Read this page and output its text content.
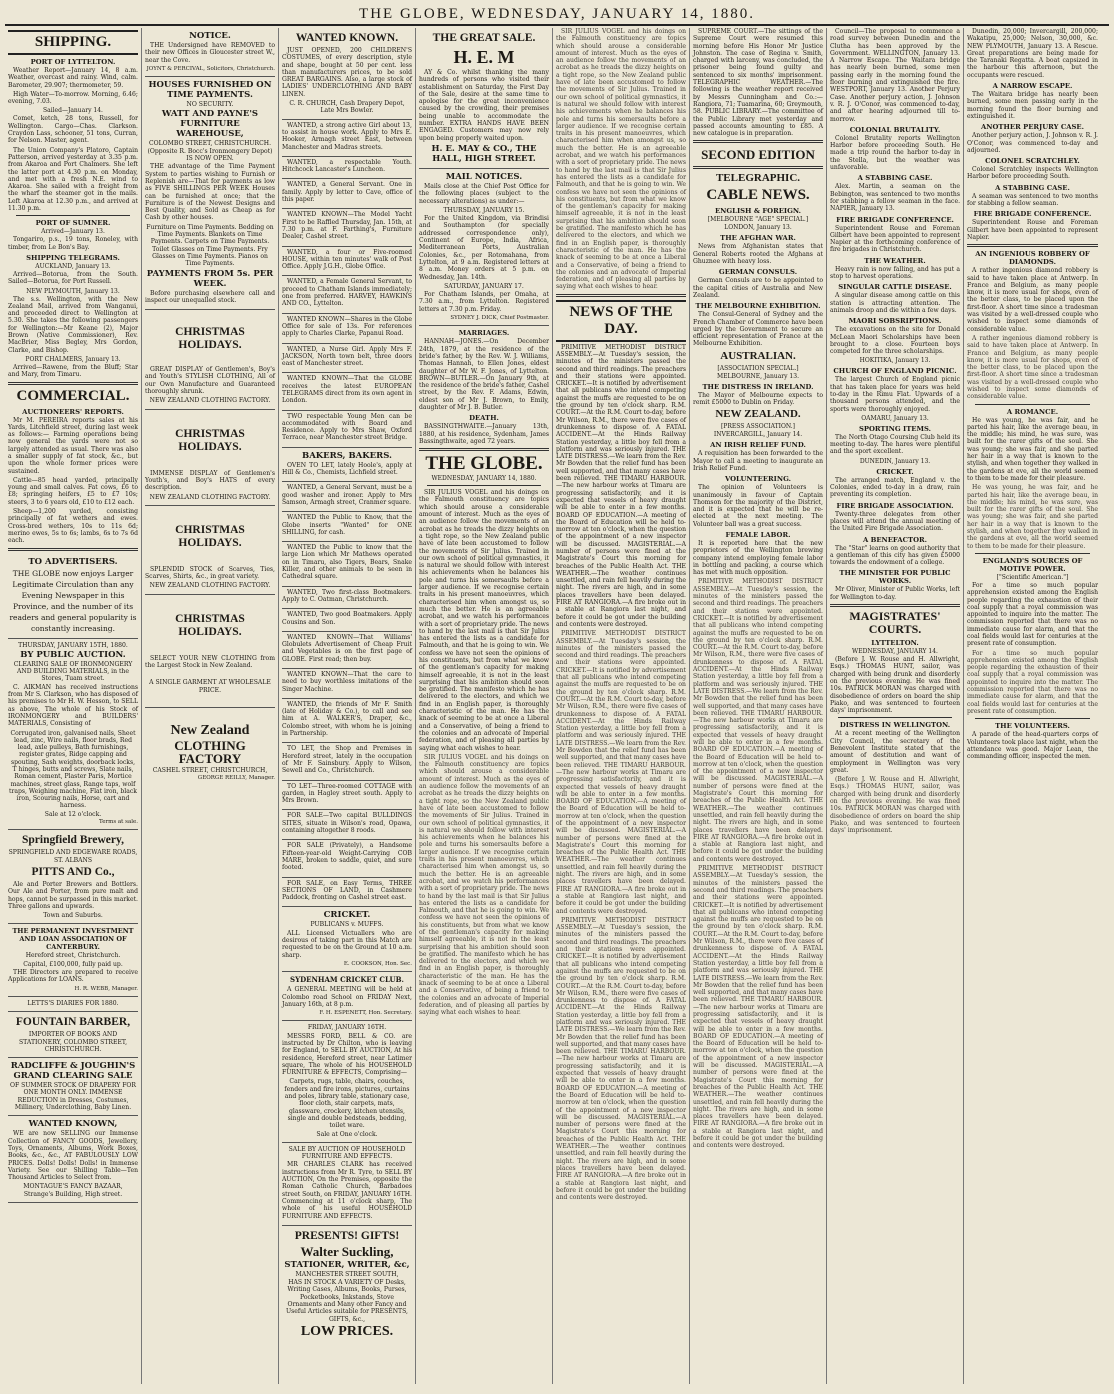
THE GLOBE, WEDNESDAY, JANUARY 14, 1880.
SHIPPING.
PORT OF LYTTELTON.

Weather Report—January 14, 8 a.m. Weather, overcast and rainy. Wind, calm. Barometer, 29.907; thermometer, 59.

High Water—To-morrow. Morning, 6.46; evening, 7.03.

Sailed—January 14.

Comet, ketch, 28 tons, Russell, for Wellington. Cargo—Chas. Clarkson. Craydon Lass, schooner, 51 tons, Curran, for Nelson. Master, agent.

The Union Company's Platoro, Captain Patterson, arrived yesterday at 3.35 p.m. from Akaroa and Port Chalmers. She left the latter port at 4.30 p.m. on Monday, and met with a fresh N.E. wind to Akaroa. She sailed with a freight from the wharf the steamer got in the mails. Left Akaroa at 12.30 p.m., and arrived at 11.30 p.m.

PORT OF SUMNER.
Arrived—January 13.

Tongariro, p.s., 19 tons, Roneley, with timber, from Le Bon's Bay.

SHIPPING TELEGRAMS.
AUCKLAND, January 13.

Arrived—Botorua, from the South. Sailed—Botorua, for Port Russell.

NEW PLYMOUTH, January 13.

The s.s. Wellington, with the New Zealand Mail, arrived from Wanganui, and proceeded direct to Wellington at 5.30. She takes the following passengers for Wellington:—Mr Keane (2), Major Brown (Native Commissioner), Rev. MacBrier, Miss Begley, Mrs Gordon, Clarke, and Bishop.

PORT CHALMERS, January 13.

Arrived—Rawene, from the Bluff; Star and Mary, from Timaru.

COMMERCIAL.
AUCTIONEERS' REPORTS.

Mr M. PEREIRA reports sales at his Yards, Litchfield street, during last week as follows:— Farming operations being now general the yards were not so largely attended as usual. There was also a smaller supply of fat stock, &c., but upon the whole former prices were sustained.

Cattle—85 head yarded, principally young and small calves. Fat cows, £6 to £8; springing heifers, £5 to £7 10s; steers, 3 to 6 years old, £10 to £12 each.

Sheep—1,200 yarded, consisting principally of fat wethers and ewes. Cross-bred wethers, 10s to 11s 6d; merino ewes, 5s to 6s; lambs, 6s to 7s 6d each.

TO ADVERTISERS.
THE GLOBE now enjoys Larger Legitimate Circulation than any Evening Newspaper in this Province, and the number of its readers and general popularity is constantly increasing.
THURSDAY, JANUARY 15TH, 1880.
BY PUBLIC AUCTION.
CLEARING SALE OF IRONMONGERY AND BUILDING MATERIALS, in the Stores, Tuam street.

C. AIKMAN has received instructions from Mr S. Clarkson, who has disposed of his premises to Mr H. W. Hesson, to SELL as above, The whole of his Stock of IRONMONGERY and BUILDERS' MATERIALS, Consisting of

Corrugated iron, galvanised nails, Sheet lead, zinc, Wire nails, floor brads, Red lead, axle pulleys, Bath furnishings, register grates, Ridge capping and spouting, Sash weights, doorback locks, T hinges, butts and screws, Slate nails, Roman cement, Plaster Paris, Mortice machines, street glass, Range taps, wolf traps, Weighing machine, Flat iron, black iron, Scouring nails, Horse, cart and harness.
Sale at 12 o'clock.
Terms at sale.
Springfield Brewery,
SPRINGFIELD AND EDGEWARE ROADS, ST. ALBANS
PITTS AND Co.,

Ale and Porter Brewers and Bottlers. Our Ale and Porter, from pure malt and hops, cannot be surpassed in this market. Three gallons and upwards.

Town and Suburbs.
THE PERMANENT INVESTMENT AND LOAN ASSOCIATION OF CANTERBURY.
Hereford street, Christchurch.
Capital, £100,000, fully paid up.

THE Directors are prepared to receive Applications for LOANS.

H. R. WEBB, Manager.
LETTS'S DIARIES FOR 1880.
FOUNTAIN BARBER,
IMPORTER OF BOOKS AND STATIONERY, COLOMBO STREET, CHRISTCHURCH.
RADCLIFFE & JOUGHIN'S GRAND CLEARING SALE
OF SUMMER STOCK OF DRAPERY FOR ONE MONTH ONLY. IMMENSE REDUCTION in Dresses, Costumes, Millinery, Underclothing, Baby Linen.
WANTED KNOWN,

WE are now SELLING our Immense Collection of FANCY GOODS, Jewellery, Toys, Ornaments, Albums, Work Boxes, Books, &c., &c., AT FABULOUSLY LOW PRICES. Dolls! Dolls! Dolls! in Immense Variety. See our Shilling Table—Ten Thousand Articles to Select from.

MONTAGUE'S FANCY BAZAAR, Strange's Building, High street.
NOTICE.

THE Undersigned have REMOVED to their new Offices in Gloucester street W., near the Cove.

JOYNT & PERCIVAL, Solicitors, Christchurch.
HOUSES FURNISHED ON TIME PAYMENTS.
NO SECURITY.
WATT AND PAYNE'S FURNITURE WAREHOUSE,
COLOMBO STREET, CHRISTCHURCH. (Opposite R. Bocc's Ironmongery Depot) IS NOW OPEN.

THE advantage of the Time Payment System to parties wishing to Furnish or Replenish are—That for payments as low as FIVE SHILLINGS PER WEEK Houses can be furnished at once; that the Furniture is of the Newest Designs and Best Quality, and Sold as Cheap as for Cash by other houses.

Furniture on Time Payments. Bedding on Time Payments. Blankets on Time Payments. Carpets on Time Payments. Toilet Glasses on Time Payments. Fry Glasses on Time Payments. Pianos on Time Payments.
PAYMENTS FROM 5s. PER WEEK.

Before purchasing elsewhere call and inspect our unequalled stock.

CHRISTMAS HOLIDAYS.

GREAT DISPLAY of Gentlemen's, Boy's and Youth's STYLISH CLOTHING, All of our Own Manufacture and Guaranteed thoroughly shrunk.

NEW ZEALAND CLOTHING FACTORY.
CHRISTMAS HOLIDAYS.

IMMENSE DISPLAY of Gentlemen's Youth's, and Boy's HATS of every description.

NEW ZEALAND CLOTHING FACTORY.
CHRISTMAS HOLIDAYS.

SPLENDID STOCK of Scarves, Ties, Scarves, Shirts, &c., in great variety.

NEW ZEALAND CLOTHING FACTORY.
CHRISTMAS HOLIDAYS.

SELECT YOUR NEW CLOTHING from the Largest Stock in New Zealand.

A SINGLE GARMENT AT WHOLESALE PRICE.
New Zealand
CLOTHING FACTORY
CASHEL STREET, CHRISTCHURCH,
GEORGE REILLY, Manager.
WANTED KNOWN.

JUST OPENED, 200 CHILDREN'S COSTUMES, of every description, style and shape, bought at 50 per cent. less than manufacturers prices, to be sold GREAT BARGAINS. Also, a large stock of LADIES' UNDERCLOTHING AND BABY LINEN.

C. R. CHURCH, Cash Drapery Depot, Late Mrs Bowler.

WANTED, a strong active Girl about 13, to assist in house work. Apply to Mrs E. Hooker, Armagh street East, between Manchester and Madras streets.

WANTED, a respectable Youth. Hitchcock Lancaster's Luncheon.

WANTED, a General Servant. One in family. Apply by letter to Cave, office of this paper.

WANTED KNOWN—The Model Yacht First to be Raffled Thursday, Jan. 15th, at 7.30 p.m. at F. Farthing's, Furniture Dealer, Cashel street.

WANTED, a four or Five-roomed HOUSE, within ten minutes' walk of Post Office. Apply J.G.H., Globe Office.

WANTED, a Female General Servant, to proceed to Chatham Islands immediately; one from preferred. HARVEY, HAWKINS AND CO., Lyttelton.

WANTED KNOWN—Shares in the Globe Office for sale of 13s. For references apply to Charles Clarke, Papanui Road.

WANTED, a Nurse Girl. Apply Mrs F. JACKSON, North town belt, three doors east of Manchester street.

WANTED KNOWN—That the GLOBE receives the latest EUROPEAN TELEGRAMS direct from its own agent in London.

TWO respectable Young Men can be accommodated with Board and Residence. Apply to Mrs Shaw, Oxford Terrace, near Manchester street Bridge.

BAKERS, BAKERS.

OVEN TO LET, lately Hoole's, apply at Hill & Co., Chemists, Lichfield street.

WANTED, a General Servant, must be a good washer and ironer. Apply to Mrs Samson, Armagh street, Cranmer square.

WANTED the Public to Know, that the Globe inserts "Wanted" for ONE SHILLING, for cash.

WANTED the Public to know that the large Lion which Mr Mathews operated on in Timaru, also Tigers, Bears, Snake Killer, and other animals to be seen in Cathedral square.

WANTED, Two first-class Bootmakers. Apply to C. Oatman, Christchurch.

WANTED, Two good Boatmakers. Apply Cousins and Son.

WANTED KNOWN—That Williams' Globulets Advertisement of Cheap Fruit and Vegetables is on the first page of GLOBE. First read; then buy.

WANTED KNOWN—That the care to need to buy worthless imitations of the Singer Machine.

WANTED, the friends of Mr F. Smith (late of Holiday & Co.), to call and see him at A. WALKER'S, Draper, &c., Colombo street, with whom he is joining in Partnership.

TO LET, the Shop and Premises in Hereford street, lately in the occupation of Mr F. Sainsbury. Apply to Wilson, Sewell and Co., Christchurch.

TO LET—Three-roomed COTTAGE with garden, in Hagley street south. Apply to Mrs Brown.

FOR SALE—Two capital BULLDINGS SITES, situate in Wilson's road, Opawa, containing altogether 8 roods.

FOR SALE (Privately), a Handsome Fifteen-year-old Weight-Carrying COB MARE, broken to saddle, quiet, and sure footed.

FOR SALE, on Easy Terms, THREE SECTIONS OF LAND, in Cashmere Paddock, fronting on Cashel street east.

CRICKET.
PUBLICANS v. MUFFS.

ALL Licensed Victuallers who are desirous of taking part in this Match are requested to be on the Ground at 10 a.m. sharp.

E. COOKSON, Hon. Sec.
SYDENHAM CRICKET CLUB.

A GENERAL MEETING will be held at Colombo road School on FRIDAY Next, January 16th, at 8 p.m.

F. H. ESPENETT, Hon. Secretary.
FRIDAY, JANUARY 16TH.

MESSRS FORD, BELL & CO. are instructed by Dr Chilton, who is leaving for England, to SELL BY AUCTION, At his residence, Hereford street, near Latimer square, The whole of his HOUSEHOLD FURNITURE & EFFECTS, Comprising—

Carpets, rugs, table, chairs, couches, fenders and fire irons, pictures, curtains and poles, library table, stationary case, floor cloth, stair carpets, mats, glassware, crockery, kitchen utensils, single and double bedsteads, bedding, toilet ware.
Sale at One o'clock.
SALE BY AUCTION OF HOUSEHOLD FURNITURE AND EFFECTS.

MR CHARLES CLARK has received instructions from Mr R. Tyre, to SELL BY AUCTION, On the Premises, opposite the Roman Catholic Church, Barbadoes street South, on FRIDAY, JANUARY 16TH. Commencing at 11 o'clock sharp, The whole of his useful HOUSEHOLD FURNITURE AND EFFECTS.

PRESENTS! GIFTS!
Walter Suckling,
STATIONER, WRITER, &c,
MANCHESTER STREET SOUTH,
HAS IN STOCK A VARIETY OF Desks, Writing Cases, Albums, Books, Purses, Pocketbooks, Inkstands, Stove Ornaments and Many other Fancy and Useful Articles suitable for PRESENTS, GIFTS, &c.,
LOW PRICES.
THE GREAT SALE.
H. E. M

AY & Co. whilst thanking the many hundreds of persons who visited their establishment on Saturday, the First Day of the Sale, desire at the same time to apologise for the great inconvenience caused by the crowding, their premises being unable to accommodate the number. EXTRA HANDS HAVE BEEN ENGAGED. Customers may now rely upon being properly waited upon.

H. E. MAY & CO., THE HALL, HIGH STREET.
MAIL NOTICES.

Mails close at the Chief Post Office for the following places (subject to the necessary alterations) as under:—

THURSDAY, JANUARY 15.

For the United Kingdom, via Brindisi and Southampton (for specially addressed correspondence only), Continent of Europe, India, Africa, Mediterranean Ports, Australian Colonies, &c., per Rotomahana, from Lyttelton, at 9 a.m. Registered letters at 8 a.m. Money orders at 5 p.m. on Wednesday, Jan. 14th.

SATURDAY, JANUARY 17.

For Chatham Islands, per Omaha, at 7.30 a.m., from Lyttelton. Registered letters at 7.30 p.m. Friday.

SYDNEY J. DICK, Chief Postmaster.
MARRIAGES.

HANNAH—JONES.—On December 24th, 1879, at the residence of the bride's father, by the Rev. W. J. Williams, Thomas Hannah, to Ellen Jones, eldest daughter of Mr W. F. Jones, of Lyttelton. BROWN—BUTLER.—On January 9th, at the residence of the bride's father, Cashel street, by the Rev. F. Adams, Edwin, eldest son of Mr J. Brown, to Emily, daughter of Mr J. B. Butler.

DEATH.

BASSINGTHWAITE.—January 13th, 1880, at his residence, Sydenham, James Bassingthwaite, aged 72 years.

THE GLOBE.
WEDNESDAY, JANUARY 14, 1880.

SIR JULIUS VOGEL and his doings on the Falmouth constituency are topics which should arouse a considerable amount of interest. Much as the eyes of an audience follow the movements of an acrobat as he treads the dizzy heights on a tight rope, so the New Zealand public have of late been accustomed to follow the movements of Sir Julius. Trained in our own school of political gymnastics, it is natural we should follow with interest his achievements when he balances his pole and turns his somersaults before a larger audience. If we recognise certain traits in his present manoeuvres, which characterised him when amongst us, so much the better. He is an agreeable acrobat, and we watch his performances with a sort of proprietary pride. The news to hand by the last mail is that Sir Julius has entered the lists as a candidate for Falmouth, and that he is going to win. We confess we have not seen the opinions of his constituents, but from what we know of the gentleman's capacity for making himself agreeable, it is not in the least surprising that his ambition should soon be gratified. The manifesto which he has delivered to the electors, and which we find in an English paper, is thoroughly characteristic of the man. He has the knack of seeming to be at once a Liberal and a Conservative, of being a friend to the colonies and an advocate of Imperial federation, and of pleasing all parties by saying what each wishes to hear.

SIR JULIUS VOGEL and his doings on the Falmouth constituency are topics which should arouse a considerable amount of interest. Much as the eyes of an audience follow the movements of an acrobat as he treads the dizzy heights on a tight rope, so the New Zealand public have of late been accustomed to follow the movements of Sir Julius. Trained in our own school of political gymnastics, it is natural we should follow with interest his achievements when he balances his pole and turns his somersaults before a larger audience. If we recognise certain traits in his present manoeuvres, which characterised him when amongst us, so much the better. He is an agreeable acrobat, and we watch his performances with a sort of proprietary pride. The news to hand by the last mail is that Sir Julius has entered the lists as a candidate for Falmouth, and that he is going to win. We confess we have not seen the opinions of his constituents, but from what we know of the gentleman's capacity for making himself agreeable, it is not in the least surprising that his ambition should soon be gratified. The manifesto which he has delivered to the electors, and which we find in an English paper, is thoroughly characteristic of the man. He has the knack of seeming to be at once a Liberal and a Conservative, of being a friend to the colonies and an advocate of Imperial federation, and of pleasing all parties by saying what each wishes to hear.

SIR JULIUS VOGEL and his doings on the Falmouth constituency are topics which should arouse a considerable amount of interest. Much as the eyes of an audience follow the movements of an acrobat as he treads the dizzy heights on a tight rope, so the New Zealand public have of late been accustomed to follow the movements of Sir Julius. Trained in our own school of political gymnastics, it is natural we should follow with interest his achievements when he balances his pole and turns his somersaults before a larger audience. If we recognise certain traits in his present manoeuvres, which characterised him when amongst us, so much the better. He is an agreeable acrobat, and we watch his performances with a sort of proprietary pride. The news to hand by the last mail is that Sir Julius has entered the lists as a candidate for Falmouth, and that he is going to win. We confess we have not seen the opinions of his constituents, but from what we know of the gentleman's capacity for making himself agreeable, it is not in the least surprising that his ambition should soon be gratified. The manifesto which he has delivered to the electors, and which we find in an English paper, is thoroughly characteristic of the man. He has the knack of seeming to be at once a Liberal and a Conservative, of being a friend to the colonies and an advocate of Imperial federation, and of pleasing all parties by saying what each wishes to hear.

NEWS OF THE DAY.

PRIMITIVE METHODIST DISTRICT ASSEMBLY.—At Tuesday's session, the minutes of the ministers passed the second and third readings. The preachers and their stations were appointed. CRICKET.—It is notified by advertisement that all publicans who intend competing against the muffs are requested to be on the ground by ten o'clock sharp. R.M. COURT.—At the R.M. Court to-day, before Mr Wilson, R.M., there were five cases of drunkenness to dispose of. A FATAL ACCIDENT.—At the Hinds Railway Station yesterday, a little boy fell from a platform and was seriously injured. THE LATE DISTRESS.—We learn from the Rev. Mr Bowden that the relief fund has been well supported, and that many cases have been relieved. THE TIMARU HARBOUR.—The new harbour works at Timaru are progressing satisfactorily, and it is expected that vessels of heavy draught will be able to enter in a few months. BOARD OF EDUCATION.—A meeting of the Board of Education will be held to-morrow at ten o'clock, when the question of the appointment of a new inspector will be discussed. MAGISTERIAL.—A number of persons were fined at the Magistrate's Court this morning for breaches of the Public Health Act. THE WEATHER.—The weather continues unsettled, and rain fell heavily during the night. The rivers are high, and in some places travellers have been delayed. FIRE AT RANGIORA.—A fire broke out in a stable at Rangiora last night, and before it could be got under the building and contents were destroyed.

PRIMITIVE METHODIST DISTRICT ASSEMBLY.—At Tuesday's session, the minutes of the ministers passed the second and third readings. The preachers and their stations were appointed. CRICKET.—It is notified by advertisement that all publicans who intend competing against the muffs are requested to be on the ground by ten o'clock sharp. R.M. COURT.—At the R.M. Court to-day, before Mr Wilson, R.M., there were five cases of drunkenness to dispose of. A FATAL ACCIDENT.—At the Hinds Railway Station yesterday, a little boy fell from a platform and was seriously injured. THE LATE DISTRESS.—We learn from the Rev. Mr Bowden that the relief fund has been well supported, and that many cases have been relieved. THE TIMARU HARBOUR.—The new harbour works at Timaru are progressing satisfactorily, and it is expected that vessels of heavy draught will be able to enter in a few months. BOARD OF EDUCATION.—A meeting of the Board of Education will be held to-morrow at ten o'clock, when the question of the appointment of a new inspector will be discussed. MAGISTERIAL.—A number of persons were fined at the Magistrate's Court this morning for breaches of the Public Health Act. THE WEATHER.—The weather continues unsettled, and rain fell heavily during the night. The rivers are high, and in some places travellers have been delayed. FIRE AT RANGIORA.—A fire broke out in a stable at Rangiora last night, and before it could be got under the building and contents were destroyed.

PRIMITIVE METHODIST DISTRICT ASSEMBLY.—At Tuesday's session, the minutes of the ministers passed the second and third readings. The preachers and their stations were appointed. CRICKET.—It is notified by advertisement that all publicans who intend competing against the muffs are requested to be on the ground by ten o'clock sharp. R.M. COURT.—At the R.M. Court to-day, before Mr Wilson, R.M., there were five cases of drunkenness to dispose of. A FATAL ACCIDENT.—At the Hinds Railway Station yesterday, a little boy fell from a platform and was seriously injured. THE LATE DISTRESS.—We learn from the Rev. Mr Bowden that the relief fund has been well supported, and that many cases have been relieved. THE TIMARU HARBOUR.—The new harbour works at Timaru are progressing satisfactorily, and it is expected that vessels of heavy draught will be able to enter in a few months. BOARD OF EDUCATION.—A meeting of the Board of Education will be held to-morrow at ten o'clock, when the question of the appointment of a new inspector will be discussed. MAGISTERIAL.—A number of persons were fined at the Magistrate's Court this morning for breaches of the Public Health Act. THE WEATHER.—The weather continues unsettled, and rain fell heavily during the night. The rivers are high, and in some places travellers have been delayed. FIRE AT RANGIORA.—A fire broke out in a stable at Rangiora last night, and before it could be got under the building and contents were destroyed.

SUPREME COURT.—The sittings of the Supreme Court were resumed this morning before His Honor Mr Justice Johnston. The case of Regina v. Smith, charged with larceny, was concluded, the prisoner being found guilty and sentenced to six months' imprisonment. TELEGRAPHIC WEATHER.—The following is the weather report received by Messrs Cunningham and Co.:—Rangiora, 71; Tuamarina, 60; Greymouth, 58. PUBLIC LIBRARY.—The committee of the Public Library met yesterday and passed accounts amounting to £85. A new catalogue is in preparation.

SECOND EDITION
TELEGRAPHIC.
CABLE NEWS.
ENGLISH & FOREIGN.
[MELBOURNE "AGE" SPECIAL.]
LONDON, January 13.
THE AFGHAN WAR.

News from Afghanistan states that General Roberts rooted the Afghans at Ghuznee with heavy loss.

GERMAN CONSULS.

German Consuls are to be appointed to the capital cities of Australia and New Zealand.

THE MELBOURNE EXHIBITION.

The Consul-General of Sydney and the French Chamber of Commerce have been urged by the Government to secure an efficient representation of France at the Melbourne Exhibition.

AUSTRALIAN.
[ASSOCIATION SPECIAL.]
MELBOURNE, January 13.
THE DISTRESS IN IRELAND.

The Mayor of Melbourne expects to remit £5000 to Dublin on Friday.

NEW ZEALAND.
[PRESS ASSOCIATION.]
INVERCARGILL, January 14.
AN IRISH RELIEF FUND.

A requisition has been forwarded to the Mayor to call a meeting to inaugurate an Irish Relief Fund.

VOLUNTEERING.

The opinion of Volunteers is unanimously in favour of Captain Thomson for the majority of the District, and it is expected that he will be re-elected at the next meeting. The Volunteer ball was a great success.

FEMALE LABOR.

It is reported here that the new proprietors of the Wellington brewing company intend employing female labor in bottling and packing, a course which has met with much opposition.

PRIMITIVE METHODIST DISTRICT ASSEMBLY.—At Tuesday's session, the minutes of the ministers passed the second and third readings. The preachers and their stations were appointed. CRICKET.—It is notified by advertisement that all publicans who intend competing against the muffs are requested to be on the ground by ten o'clock sharp. R.M. COURT.—At the R.M. Court to-day, before Mr Wilson, R.M., there were five cases of drunkenness to dispose of. A FATAL ACCIDENT.—At the Hinds Railway Station yesterday, a little boy fell from a platform and was seriously injured. THE LATE DISTRESS.—We learn from the Rev. Mr Bowden that the relief fund has been well supported, and that many cases have been relieved. THE TIMARU HARBOUR.—The new harbour works at Timaru are progressing satisfactorily, and it is expected that vessels of heavy draught will be able to enter in a few months. BOARD OF EDUCATION.—A meeting of the Board of Education will be held to-morrow at ten o'clock, when the question of the appointment of a new inspector will be discussed. MAGISTERIAL.—A number of persons were fined at the Magistrate's Court this morning for breaches of the Public Health Act. THE WEATHER.—The weather continues unsettled, and rain fell heavily during the night. The rivers are high, and in some places travellers have been delayed. FIRE AT RANGIORA.—A fire broke out in a stable at Rangiora last night, and before it could be got under the building and contents were destroyed.

PRIMITIVE METHODIST DISTRICT ASSEMBLY.—At Tuesday's session, the minutes of the ministers passed the second and third readings. The preachers and their stations were appointed. CRICKET.—It is notified by advertisement that all publicans who intend competing against the muffs are requested to be on the ground by ten o'clock sharp. R.M. COURT.—At the R.M. Court to-day, before Mr Wilson, R.M., there were five cases of drunkenness to dispose of. A FATAL ACCIDENT.—At the Hinds Railway Station yesterday, a little boy fell from a platform and was seriously injured. THE LATE DISTRESS.—We learn from the Rev. Mr Bowden that the relief fund has been well supported, and that many cases have been relieved. THE TIMARU HARBOUR.—The new harbour works at Timaru are progressing satisfactorily, and it is expected that vessels of heavy draught will be able to enter in a few months. BOARD OF EDUCATION.—A meeting of the Board of Education will be held to-morrow at ten o'clock, when the question of the appointment of a new inspector will be discussed. MAGISTERIAL.—A number of persons were fined at the Magistrate's Court this morning for breaches of the Public Health Act. THE WEATHER.—The weather continues unsettled, and rain fell heavily during the night. The rivers are high, and in some places travellers have been delayed. FIRE AT RANGIORA.—A fire broke out in a stable at Rangiora last night, and before it could be got under the building and contents were destroyed.

Council—The proposal to commence a road survey between Dunedin and the Clutha has been approved by the Government. WELLINGTON, January 13. A Narrow Escape. The Waitara bridge has nearly been burned, some men passing early in the morning found the floor burning and extinguished the fire. WESTPORT, January 13. Another Perjury Case. Another perjury action, J. Johnson v. R. J. O'Conor, was commenced to-day, and after hearing adjourned till to-morrow.

COLONIAL BRUTALITY.

Colonel Brutality reports Wellington Harbor before proceeding South. He made a trip round the harbor to-day in the Stella, but the weather was unfavorable.

A STABBING CASE.

Alex. Martin, a seaman on the Bebington, was sentenced to two months for stabbing a fellow seaman in the face. NAPIER, January 13.

FIRE BRIGADE CONFERENCE.

Superintendent Rouse and Foreman Gilbert have been appointed to represent Napier at the forthcoming conference of fire brigades in Christchurch.

THE WEATHER.

Heavy rain is now falling, and has put a stop to harvest operations.

SINGULAR CATTLE DISEASE.

A singular disease among cattle on this station is attracting attention. The animals droop and die within a few days.

MAORI SOBSRIPTIONS.

The excavations on the site for Donald McLean Maori Scholarships have been brought to a close. Fourteen boys competed for the three scholarships.

HOKITIKA, January 13.
CHURCH OF ENGLAND PICNIC.

The largest Church of England picnic that has taken place for years was held to-day in the Rimu Flat. Upwards of a thousand persons attended, and the sports were thoroughly enjoyed.

OAMARU, January 13.
SPORTING ITEMS.

The North Otago Coursing Club held its meeting to-day. The hares were plentiful and the sport excellent.

DUNEDIN, January 13.
CRICKET.

The arranged match, England v. the Colonies, ended to-day in a draw, rain preventing its completion.

FIRE BRIGADE ASSOCIATION.

Twenty-three delegates from other places will attend the annual meeting of the United Fire Brigade Association.

A BENEFACTOR.

The "Star" learns on good authority that a gentleman of this city has given £5000 towards the endowment of a college.

THE MINISTER FOR PUBLIC WORKS.

Mr Oliver, Minister of Public Works, left for Wellington to-day.

MAGISTRATES' COURTS.
LYTTELTON.
WEDNESDAY, JANUARY 14.

(Before J. W. Rouse and H. Allwright, Esqs.) THOMAS HUNT, sailor, was charged with being drunk and disorderly on the previous evening. He was fined 10s. PATRICK MORAN was charged with disobedience of orders on board the ship Piako, and was sentenced to fourteen days' imprisonment.

DISTRESS IN WELLINGTON.

At a recent meeting of the Wellington City Council, the secretary of the Benevolent Institute stated that the amount of destitution and want of employment in Wellington was very great.

(Before J. W. Rouse and H. Allwright, Esqs.) THOMAS HUNT, sailor, was charged with being drunk and disorderly on the previous evening. He was fined 10s. PATRICK MORAN was charged with disobedience of orders on board the ship Piako, and was sentenced to fourteen days' imprisonment.

Dunedin, 20,000; Invercargill, 200,000; Wakatipu, 25,000; Nelson, 30,000, &c. NEW PLYMOUTH, January 13. A Rescue. Great preparations are being made for the Taranaki Regatta. A boat capsized in the harbour this afternoon, but the occupants were rescued.

A NARROW ESCAPE.

The Waitara bridge has nearly been burned, some men passing early in the morning found the floor burning and extinguished it.

ANOTHER PERJURY CASE.

Another perjury action, J. Johnson v. R. J. O'Conor, was commenced to-day and adjourned.

COLONEL SCRATCHLEY.

Colonel Scratchley inspects Wellington Harbor before proceeding South.

A STABBING CASE.

A seaman was sentenced to two months for stabbing a fellow seaman.

FIRE BRIGADE CONFERENCE.

Superintendent Rouse and Foreman Gilbert have been appointed to represent Napier.

AN INGENIOUS ROBBERY OF DIAMONDS.

A rather ingenious diamond robbery is said to have taken place at Antwerp. In France and Belgium, as many people know, it is more usual for shops, even of the better class, to be placed upon the first-floor. A short time since a tradesman was visited by a well-dressed couple who wished to inspect some diamonds of considerable value.

A rather ingenious diamond robbery is said to have taken place at Antwerp. In France and Belgium, as many people know, it is more usual for shops, even of the better class, to be placed upon the first-floor. A short time since a tradesman was visited by a well-dressed couple who wished to inspect some diamonds of considerable value.

A ROMANCE.

He was young, he was fair, and he parted his hair, like the average beau, in the middle; his mind, he was sure, was built for the rarer gifts of the soul. She was young; she was fair, and she parted her hair in a way that is known to the stylish, and when together they walked in the gardens at eve, all the world seemed to them to be made for their pleasure.

He was young, he was fair, and he parted his hair, like the average beau, in the middle; his mind, he was sure, was built for the rarer gifts of the soul. She was young; she was fair, and she parted her hair in a way that is known to the stylish, and when together they walked in the gardens at eve, all the world seemed to them to be made for their pleasure.

ENGLAND'S SOURCES OF MOTIVE POWER.
["Scientific American."]

For a time so much popular apprehension existed among the English people regarding the exhaustion of their coal supply that a royal commission was appointed to inquire into the matter. The commission reported that there was no immediate cause for alarm, and that the coal fields would last for centuries at the present rate of consumption.

For a time so much popular apprehension existed among the English people regarding the exhaustion of their coal supply that a royal commission was appointed to inquire into the matter. The commission reported that there was no immediate cause for alarm, and that the coal fields would last for centuries at the present rate of consumption.

THE VOLUNTEERS.

A parade of the head-quarters corps of Volunteers took place last night, when the attendance was good. Major Lean, the commanding officer, inspected the men.
